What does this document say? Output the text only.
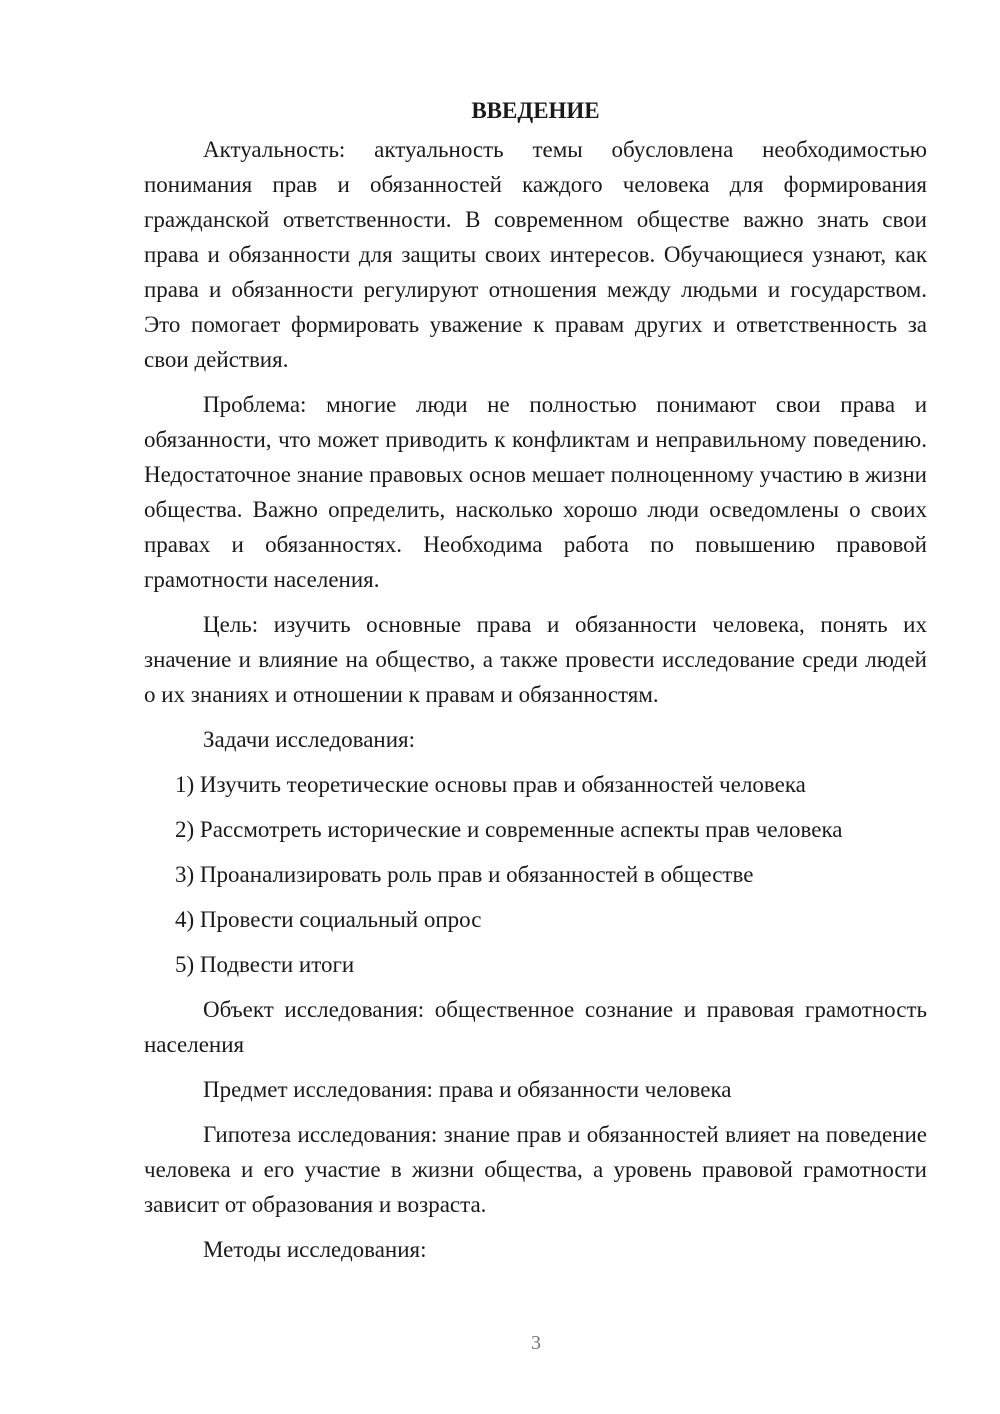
ВВЕДЕНИЕ

Актуальность: актуальность темы обусловлена необходимостью понимания прав и обязанностей каждого человека для формирования гражданской ответственности. В современном обществе важно знать свои права и обязанности для защиты своих интересов. Обучающиеся узнают, как права и обязанности регулируют отношения между людьми и государством. Это помогает формировать уважение к правам других и ответственность за свои действия.

Проблема: многие люди не полностью понимают свои права и обязанности, что может приводить к конфликтам и неправильному поведению. Недостаточное знание правовых основ мешает полноценному участию в жизни общества. Важно определить, насколько хорошо люди осведомлены о своих правах и обязанностях. Необходима работа по повышению правовой грамотности населения.

Цель: изучить основные права и обязанности человека, понять их значение и влияние на общество, а также провести исследование среди людей о их знаниях и отношении к правам и обязанностям.

Задачи исследования:

1) Изучить теоретические основы прав и обязанностей человека
2) Рассмотреть исторические и современные аспекты прав человека
3) Проанализировать роль прав и обязанностей в обществе
4) Провести социальный опрос
5) Подвести итоги

Объект исследования: общественное сознание и правовая грамотность населения

Предмет исследования: права и обязанности человека

Гипотеза исследования: знание прав и обязанностей влияет на поведение человека и его участие в жизни общества, а уровень правовой грамотности зависит от образования и возраста.

Методы исследования:

3
